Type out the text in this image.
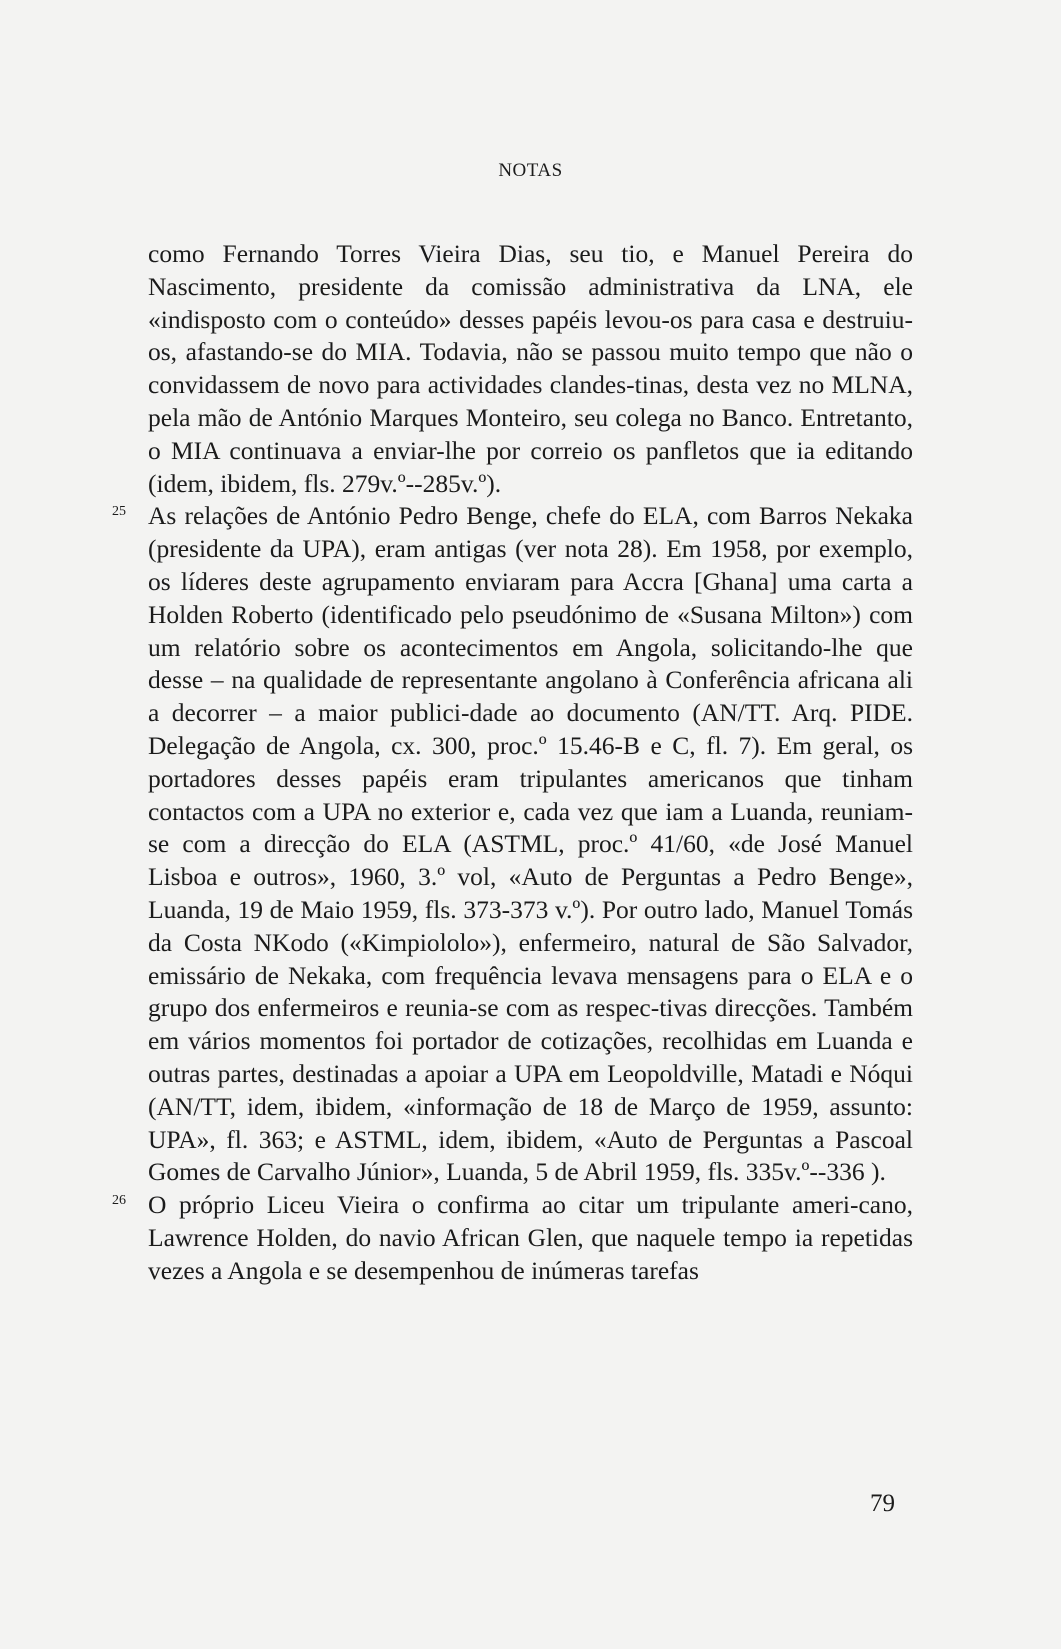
NOTAS

como Fernando Torres Vieira Dias, seu tio, e Manuel Pereira do Nascimento, presidente da comissão administrativa da LNA, ele «indisposto com o conteúdo» desses papéis levou-os para casa e destruiu-os, afastando-se do MIA. Todavia, não se passou muito tempo que não o convidassem de novo para actividades clandes-tinas, desta vez no MLNA, pela mão de António Marques Monteiro, seu colega no Banco. Entretanto, o MIA continuava a enviar-lhe por correio os panfletos que ia editando (idem, ibidem, fls. 279v.º--285v.º).

25 As relações de António Pedro Benge, chefe do ELA, com Barros Nekaka (presidente da UPA), eram antigas (ver nota 28). Em 1958, por exemplo, os líderes deste agrupamento enviaram para Accra [Ghana] uma carta a Holden Roberto (identificado pelo pseudónimo de «Susana Milton») com um relatório sobre os acontecimentos em Angola, solicitando-lhe que desse – na qualidade de representante angolano à Conferência africana ali a decorrer – a maior publici-dade ao documento (AN/TT. Arq. PIDE. Delegação de Angola, cx. 300, proc.º 15.46-B e C, fl. 7). Em geral, os portadores desses papéis eram tripulantes americanos que tinham contactos com a UPA no exterior e, cada vez que iam a Luanda, reuniam-se com a direcção do ELA (ASTML, proc.º 41/60, «de José Manuel Lisboa e outros», 1960, 3.º vol, «Auto de Perguntas a Pedro Benge», Luanda, 19 de Maio 1959, fls. 373-373 v.º). Por outro lado, Manuel Tomás da Costa NKodo («Kimpiololo»), enfermeiro, natural de São Salvador, emissário de Nekaka, com frequência levava mensagens para o ELA e o grupo dos enfermeiros e reunia-se com as respec-tivas direcções. Também em vários momentos foi portador de cotizações, recolhidas em Luanda e outras partes, destinadas a apoiar a UPA em Leopoldville, Matadi e Nóqui (AN/TT, idem, ibidem, «informação de 18 de Março de 1959, assunto: UPA», fl. 363; e ASTML, idem, ibidem, «Auto de Perguntas a Pascoal Gomes de Carvalho Júnior», Luanda, 5 de Abril 1959, fls. 335v.º--336 ).

26 O próprio Liceu Vieira o confirma ao citar um tripulante ameri-cano, Lawrence Holden, do navio African Glen, que naquele tempo ia repetidas vezes a Angola e se desempenhou de inúmeras tarefas

79
